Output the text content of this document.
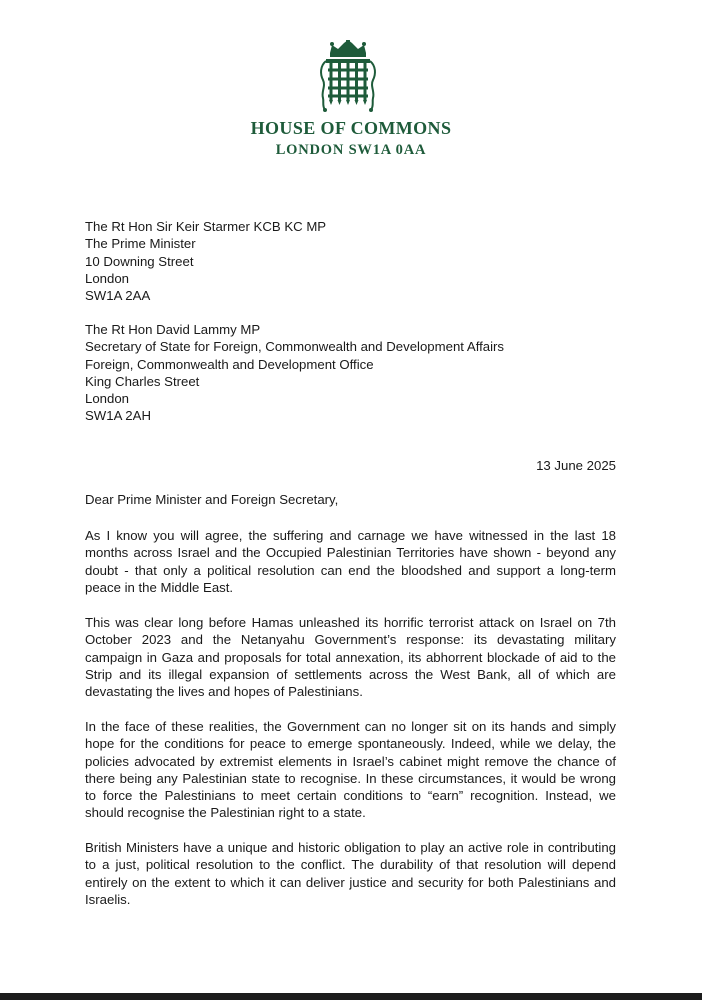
HOUSE OF COMMONS
LONDON SW1A 0AA
The Rt Hon Sir Keir Starmer KCB KC MP
The Prime Minister
10 Downing Street
London
SW1A 2AA
The Rt Hon David Lammy MP
Secretary of State for Foreign, Commonwealth and Development Affairs
Foreign, Commonwealth and Development Office
King Charles Street
London
SW1A 2AH
13 June 2025
Dear Prime Minister and Foreign Secretary,
As I know you will agree, the suffering and carnage we have witnessed in the last 18 months across Israel and the Occupied Palestinian Territories have shown - beyond any doubt - that only a political resolution can end the bloodshed and support a long-term peace in the Middle East.
This was clear long before Hamas unleashed its horrific terrorist attack on Israel on 7th October 2023 and the Netanyahu Government’s response: its devastating military campaign in Gaza and proposals for total annexation, its abhorrent blockade of aid to the Strip and its illegal expansion of settlements across the West Bank, all of which are devastating the lives and hopes of Palestinians.
In the face of these realities, the Government can no longer sit on its hands and simply hope for the conditions for peace to emerge spontaneously. Indeed, while we delay, the policies advocated by extremist elements in Israel’s cabinet might remove the chance of there being any Palestinian state to recognise. In these circumstances, it would be wrong to force the Palestinians to meet certain conditions to “earn” recognition. Instead, we should recognise the Palestinian right to a state.
British Ministers have a unique and historic obligation to play an active role in contributing to a just, political resolution to the conflict. The durability of that resolution will depend entirely on the extent to which it can deliver justice and security for both Palestinians and Israelis.
